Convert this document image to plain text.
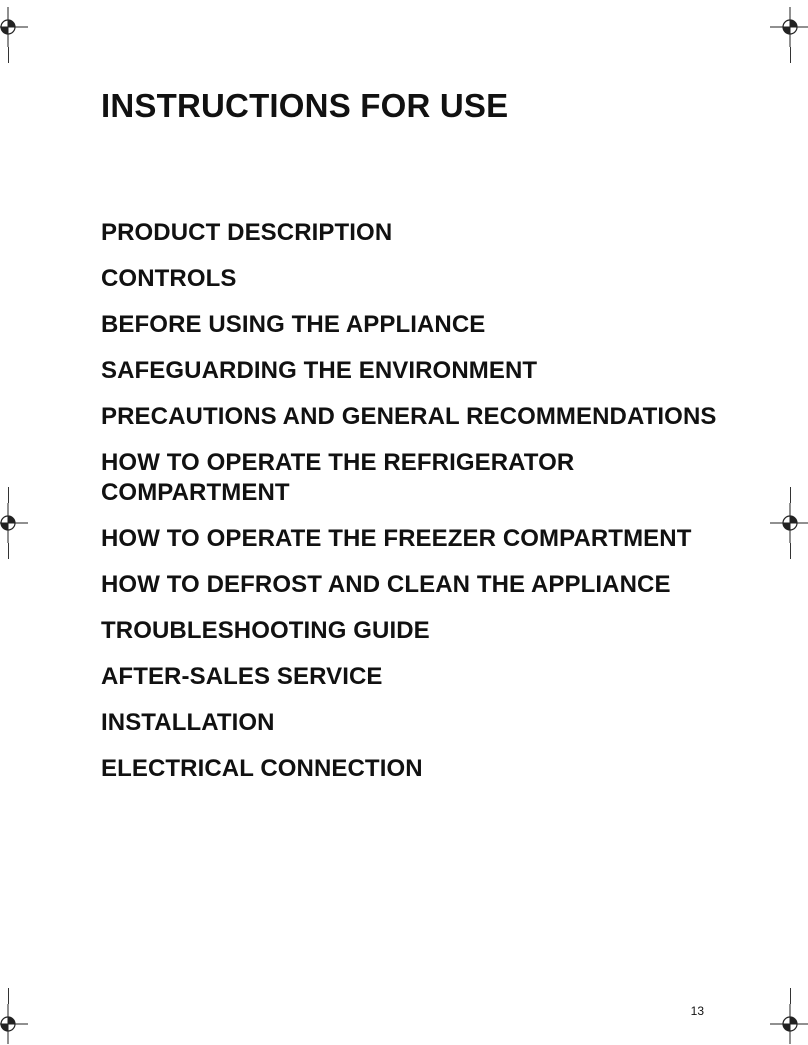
INSTRUCTIONS FOR USE
PRODUCT DESCRIPTION
CONTROLS
BEFORE USING THE APPLIANCE
SAFEGUARDING THE ENVIRONMENT
PRECAUTIONS AND GENERAL RECOMMENDATIONS
HOW TO OPERATE THE REFRIGERATOR COMPARTMENT
HOW TO OPERATE THE FREEZER COMPARTMENT
HOW TO DEFROST AND CLEAN THE APPLIANCE
TROUBLESHOOTING GUIDE
AFTER-SALES SERVICE
INSTALLATION
ELECTRICAL CONNECTION
13
